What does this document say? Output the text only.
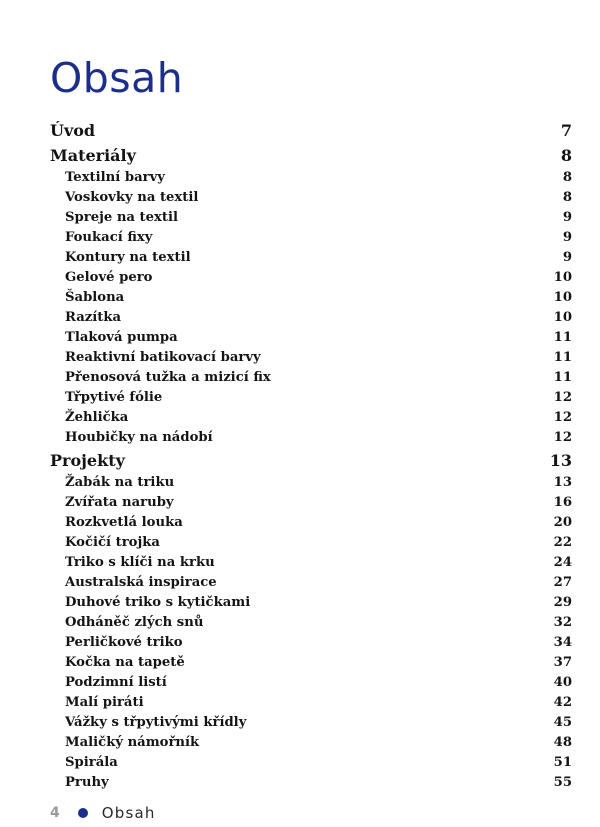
Obsah
Úvod	7
Materiály	8
Textilní barvy	8
Voskovky na textil	8
Spreje na textil	9
Foukací fixy	9
Kontury na textil	9
Gelové pero	10
Šablona	10
Razítka	10
Tlaková pumpa	11
Reaktivní batikovací barvy	11
Přenosová tužka a mizicí fix	11
Třpytivé fólie	12
Žehlička	12
Houbičky na nádobí	12
Projekty	13
Žabák na triku	13
Zvířata naruby	16
Rozkvetlá louka	20
Kočičí trojka	22
Triko s klíči na krku	24
Australská inspirace	27
Duhové triko s kytičkami	29
Odháněč zlých snů	32
Perličkové triko	34
Kočka na tapetě	37
Podzimní listí	40
Malí piráti	42
Vážky s třpytivými křídly	45
Maličký námořník	48
Spirála	51
Pruhy	55
4	Obsah
